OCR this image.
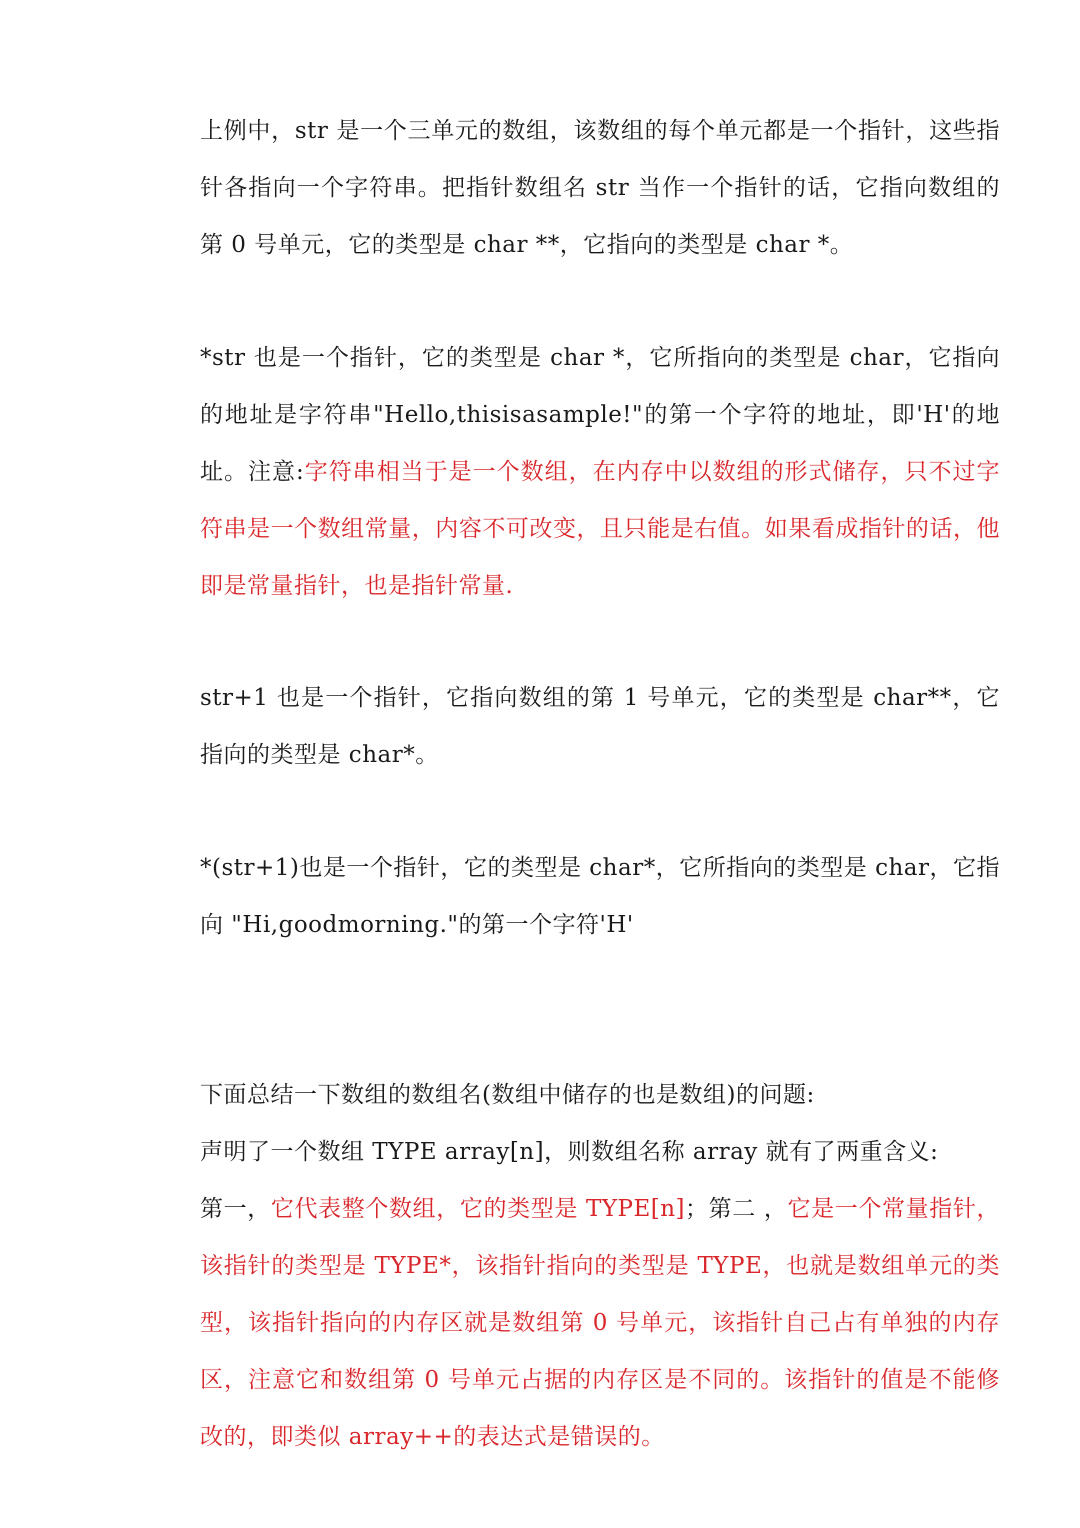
上例中，str 是一个三单元的数组，该数组的每个单元都是一个指针，这些指针各指向一个字符串。把指针数组名 str 当作一个指针的话，它指向数组的第 0 号单元，它的类型是 char **，它指向的类型是 char *。

*str 也是一个指针，它的类型是 char *，它所指向的类型是 char，它指向的地址是字符串"Hello,thisisasample!"的第一个字符的地址，即'H'的地址。注意:字符串相当于是一个数组，在内存中以数组的形式储存，只不过字符串是一个数组常量，内容不可改变，且只能是右值。如果看成指针的话，他即是常量指针，也是指针常量.

str+1 也是一个指针，它指向数组的第 1 号单元，它的类型是 char**，它指向的类型是 char*。

*(str+1)也是一个指针，它的类型是 char*，它所指向的类型是 char，它指向 "Hi,goodmorning."的第一个字符'H'

下面总结一下数组的数组名(数组中储存的也是数组)的问题:
声明了一个数组 TYPE array[n]，则数组名称 array 就有了两重含义:
第一，它代表整个数组，它的类型是 TYPE[n]；第二 ，它是一个常量指针，该指针的类型是 TYPE*，该指针指向的类型是 TYPE，也就是数组单元的类型，该指针指向的内存区就是数组第 0 号单元，该指针自己占有单独的内存区，注意它和数组第 0 号单元占据的内存区是不同的。该指针的值是不能修改的，即类似 array++的表达式是错误的。
